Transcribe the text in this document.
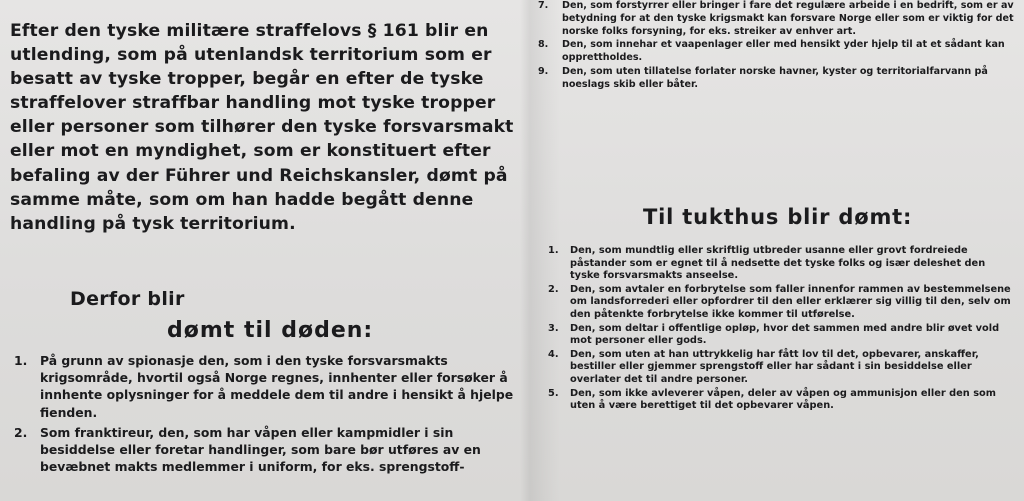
Efter den tyske militære straffelovs § 161 blir en utlending, som på utenlandsk territorium som er besatt av tyske tropper, begår en efter de tyske straffelover straffbar handling mot tyske tropper eller personer som tilhører den tyske forsvarsmakt eller mot en myndighet, som er konstituert efter befaling av der Führer und Reichskansler, dømt på samme måte, som om han hadde begått denne handling på tysk territorium.

Derfor blir

dømt til døden:
1. På grunn av spionasje den, som i den tyske forsvarsmakts krigsområde, hvortil også Norge regnes, innhenter eller forsøker å innhente oplysninger for å meddele dem til andre i hensikt å hjelpe fienden.
2. Som franktireur, den, som har våpen eller kampmidler i sin besiddelse eller foretar handlinger, som bare bør utføres av en bevæbnet makts medlemmer i uniform, for eks. sprengstoff-
7. Den, som forstyrrer eller bringer i fare det regulære arbeide i en bedrift, som er av betydning for at den tyske krigsmakt kan forsvare Norge eller som er viktig for det norske folks forsyning, for eks. streiker av enhver art.
8. Den, som innehar et vaapenlager eller med hensikt yder hjelp til at et sådant kan opprettholdes.
9. Den, som uten tillatelse forlater norske havner, kyster og territorialfarvann på noeslags skib eller båter.
Til tukthus blir dømt:
1. Den, som mundtlig eller skriftlig utbreder usanne eller grovt fordreiede påstander som er egnet til å nedsette det tyske folks og især deleshet den tyske forsvarsmakts anseelse.
2. Den, som avtaler en forbrytelse som faller innenfor rammen av bestemmelsene om landsforrederi eller opfordrer til den eller erklærer sig villig til den, selv om den påtenkte forbrytelse ikke kommer til utførelse.
3. Den, som deltar i offentlige opløp, hvor det sammen med andre blir øvet vold mot personer eller gods.
4. Den, som uten at han uttrykkelig har fått lov til det, opbevarer, anskaffer, bestiller eller gjemmer sprengstoff eller har sådant i sin besiddelse eller overlater det til andre personer.
5. Den, som ikke avleverer våpen, deler av våpen og ammunisjon eller den som uten å være berettiget til det opbevarer våpen.
